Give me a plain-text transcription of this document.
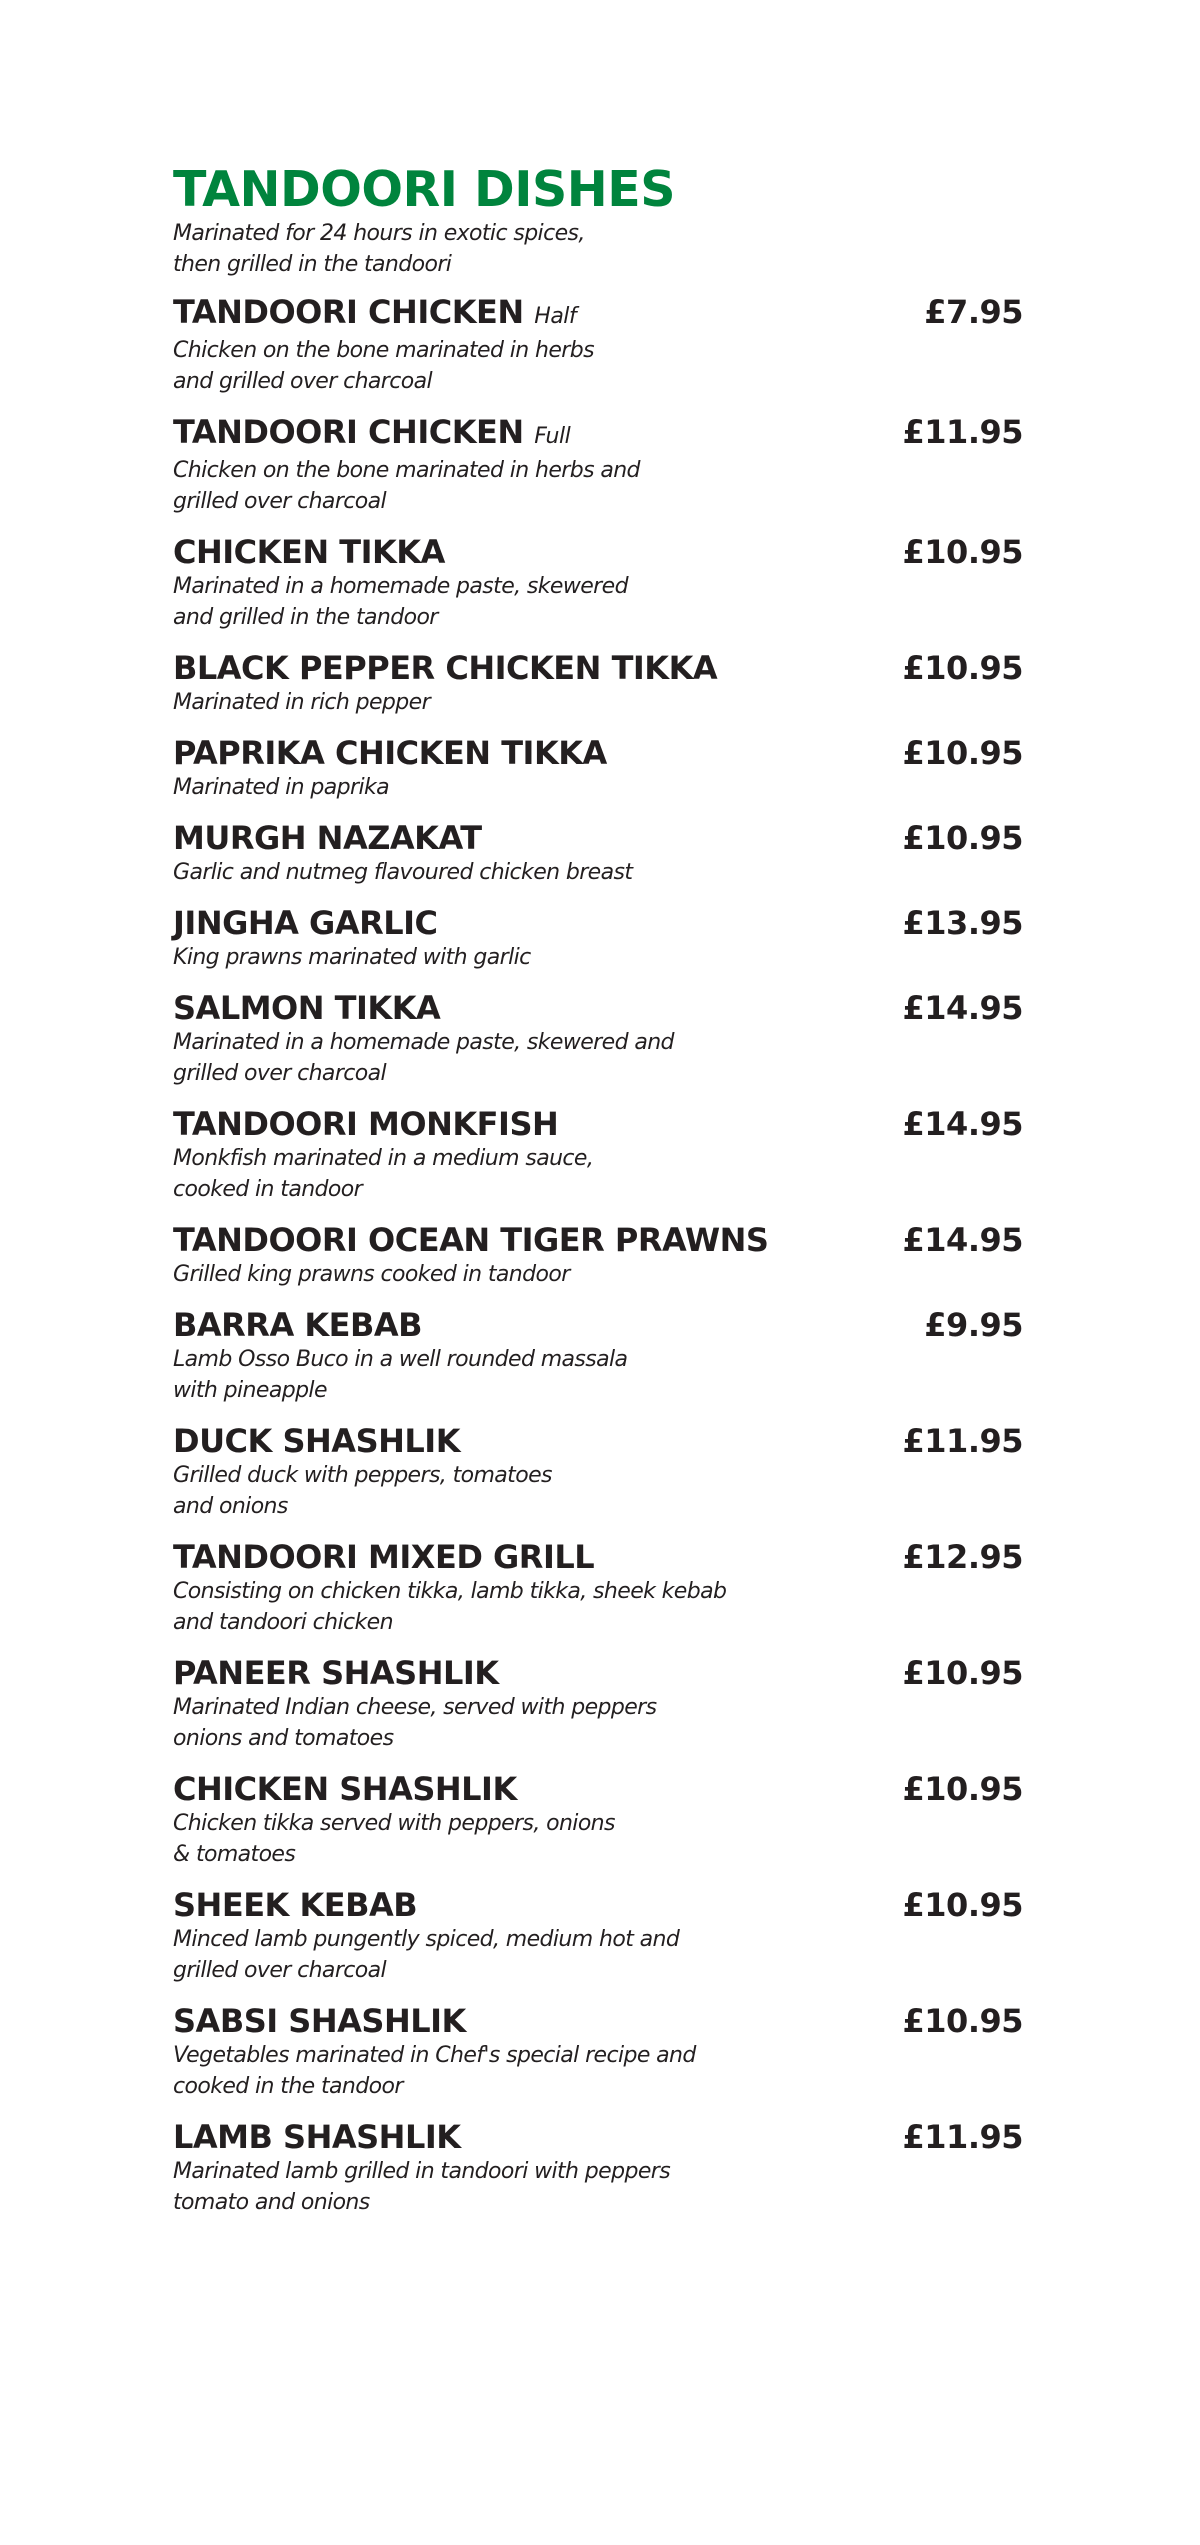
TANDOORI DISHES

Marinated for 24 hours in exotic spices,
then grilled in the tandoori

TANDOORI CHICKEN Half	£7.95

Chicken on the bone marinated in herbs
and grilled over charcoal

TANDOORI CHICKEN Full	£11.95

Chicken on the bone marinated in herbs and
grilled over charcoal

CHICKEN TIKKA	£10.95

Marinated in a homemade paste, skewered
and grilled in the tandoor

BLACK PEPPER CHICKEN TIKKA	£10.95

Marinated in rich pepper

PAPRIKA CHICKEN TIKKA	£10.95

Marinated in paprika

MURGH NAZAKAT	£10.95

Garlic and nutmeg flavoured chicken breast

JINGHA GARLIC	£13.95

King prawns marinated with garlic

SALMON TIKKA	£14.95

Marinated in a homemade paste, skewered and
grilled over charcoal

TANDOORI MONKFISH	£14.95

Monkfish marinated in a medium sauce,
cooked in tandoor

TANDOORI OCEAN TIGER PRAWNS	£14.95

Grilled king prawns cooked in tandoor

BARRA KEBAB	£9.95

Lamb Osso Buco in a well rounded massala
with pineapple

DUCK SHASHLIK	£11.95

Grilled duck with peppers, tomatoes
and onions

TANDOORI MIXED GRILL	£12.95

Consisting on chicken tikka, lamb tikka, sheek kebab
and tandoori chicken

PANEER SHASHLIK	£10.95

Marinated Indian cheese, served with peppers
onions and tomatoes

CHICKEN SHASHLIK	£10.95

Chicken tikka served with peppers, onions
& tomatoes

SHEEK KEBAB	£10.95

Minced lamb pungently spiced, medium hot and
grilled over charcoal

SABSI SHASHLIK	£10.95

Vegetables marinated in Chef's special recipe and
cooked in the tandoor

LAMB SHASHLIK	£11.95

Marinated lamb grilled in tandoori with peppers
tomato and onions
